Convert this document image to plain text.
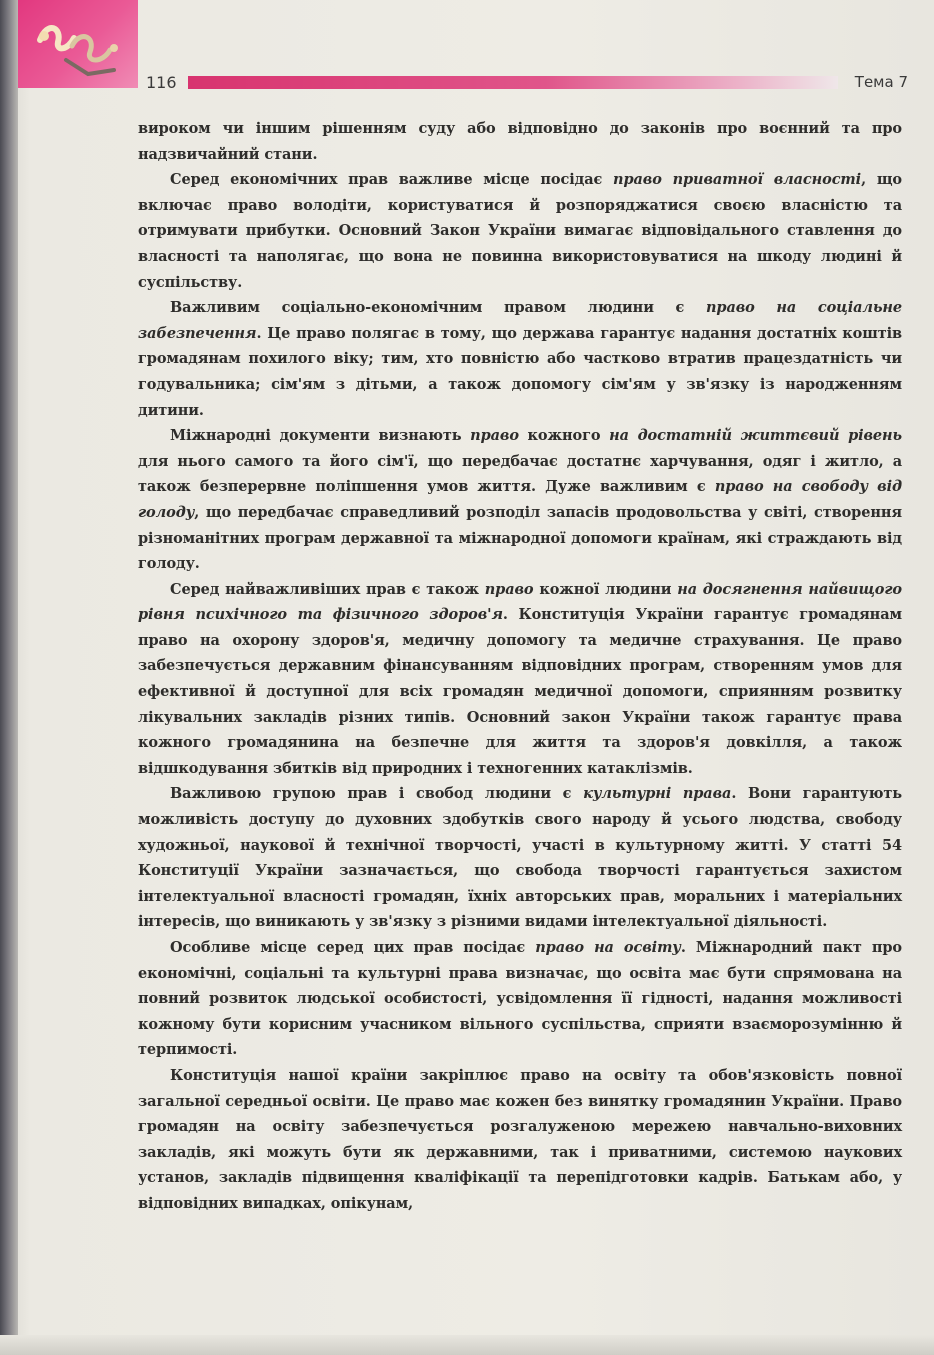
116	Тема 7

вироком чи іншим рішенням суду або відповідно до законів про воєнний та про надзвичайний стани.

Серед економічних прав важливе місце посідає право приватної власності, що включає право володіти, користуватися й розпоряджатися своєю власністю та отримувати прибутки. Основний Закон України вимагає відповідального ставлення до власності та наполягає, що вона не повинна використовуватися на шкоду людині й суспільству.

Важливим соціально-економічним правом людини є право на соціальне забезпечення. Це право полягає в тому, що держава гарантує надання достатніх коштів громадянам похилого віку; тим, хто повністю або частково втратив працездатність чи годувальника; сім'ям з дітьми, а також допомогу сім'ям у зв'язку із народженням дитини.

Міжнародні документи визнають право кожного на достатній життєвий рівень для нього самого та його сім'ї, що передбачає достатнє харчування, одяг і житло, а також безперервне поліпшення умов життя. Дуже важливим є право на свободу від голоду, що передбачає справедливий розподіл запасів продовольства у світі, створення різноманітних програм державної та міжнародної допомоги країнам, які страждають від голоду.

Серед найважливіших прав є також право кожної людини на досягнення найвищого рівня психічного та фізичного здоров'я. Конституція України гарантує громадянам право на охорону здоров'я, медичну допомогу та медичне страхування. Це право забезпечується державним фінансуванням відповідних програм, створенням умов для ефективної й доступної для всіх громадян медичної допомоги, сприянням розвитку лікувальних закладів різних типів. Основний закон України також гарантує права кожного громадянина на безпечне для життя та здоров'я довкілля, а також відшкодування збитків від природних і техногенних катаклізмів.

Важливою групою прав і свобод людини є культурні права. Вони гарантують можливість доступу до духовних здобутків свого народу й усього людства, свободу художньої, наукової й технічної творчості, участі в культурному житті. У статті 54 Конституції України зазначається, що свобода творчості гарантується захистом інтелектуальної власності громадян, їхніх авторських прав, моральних і матеріальних інтересів, що виникають у зв'язку з різними видами інтелектуальної діяльності.

Особливе місце серед цих прав посідає право на освіту. Міжнародний пакт про економічні, соціальні та культурні права визначає, що освіта має бути спрямована на повний розвиток людської особистості, усвідомлення її гідності, надання можливості кожному бути корисним учасником вільного суспільства, сприяти взаєморозумінню й терпимості.

Конституція нашої країни закріплює право на освіту та обов'язковість повної загальної середньої освіти. Це право має кожен без винятку громадянин України. Право громадян на освіту забезпечується розгалуженою мережею навчально-виховних закладів, які можуть бути як державними, так і приватними, системою наукових установ, закладів підвищення кваліфікації та перепідготовки кадрів. Батькам або, у відповідних випадках, опікунам,
